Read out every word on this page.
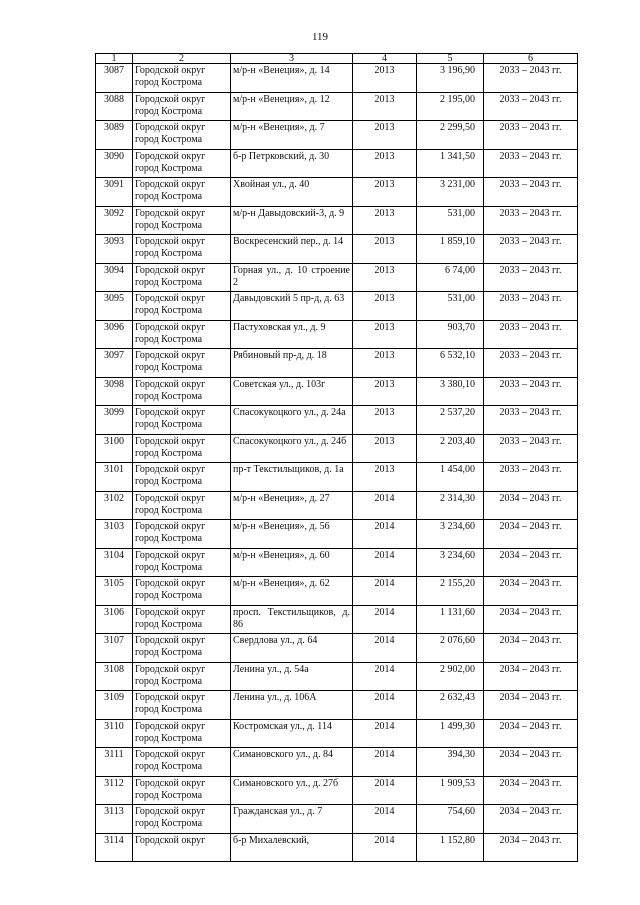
119
1	2	3	4	5	6
3087	Городской округ город Кострома	м/р-н «Венеция», д. 14	2013	3 196,90	2033 – 2043 гг.
3088	Городской округ город Кострома	м/р-н «Венеция», д. 12	2013	2 195,00	2033 – 2043 гг.
3089	Городской округ город Кострома	м/р-н «Венеция», д. 7	2013	2 299,50	2033 – 2043 гг.
3090	Городской округ город Кострома	б-р Петрковский, д. 30	2013	1 341,50	2033 – 2043 гг.
3091	Городской округ город Кострома	Хвойная ул., д. 40	2013	3 231,00	2033 – 2043 гг.
3092	Городской округ город Кострома	м/р-н Давыдовский-3, д. 9	2013	531,00	2033 – 2043 гг.
3093	Городской округ город Кострома	Воскресенский пер., д. 14	2013	1 859,10	2033 – 2043 гг.
3094	Городской округ город Кострома	Горная ул., д. 10 строение 2	2013	6 74,00	2033 – 2043 гг.
3095	Городской округ город Кострома	Давыдовский 5 пр-д, д. 63	2013	531,00	2033 – 2043 гг.
3096	Городской округ город Кострома	Пастуховская ул., д. 9	2013	903,70	2033 – 2043 гг.
3097	Городской округ город Кострома	Рябиновый пр-д, д. 18	2013	6 532,10	2033 – 2043 гг.
3098	Городской округ город Кострома	Советская ул., д. 103г	2013	3 380,10	2033 – 2043 гг.
3099	Городской округ город Кострома	Спасокукоцкого ул., д. 24а	2013	2 537,20	2033 – 2043 гг.
3100	Городской округ город Кострома	Спасокукоцкого ул., д. 24б	2013	2 203,40	2033 – 2043 гг.
3101	Городской округ город Кострома	пр-т Текстильщиков, д. 1а	2013	1 454,00	2033 – 2043 гг.
3102	Городской округ город Кострома	м/р-н «Венеция», д. 27	2014	2 314,30	2034 – 2043 гг.
3103	Городской округ город Кострома	м/р-н «Венеция», д. 56	2014	3 234,60	2034 – 2043 гг.
3104	Городской округ город Кострома	м/р-н «Венеция», д. 60	2014	3 234,60	2034 – 2043 гг.
3105	Городской округ город Кострома	м/р-н «Венеция», д. 62	2014	2 155,20	2034 – 2043 гг.
3106	Городской округ город Кострома	просп. Текстильщиков, д. 86	2014	1 131,60	2034 – 2043 гг.
3107	Городской округ город Кострома	Свердлова ул., д. 64	2014	2 076,60	2034 – 2043 гг.
3108	Городской округ город Кострома	Ленина ул., д. 54а	2014	2 902,00	2034 – 2043 гг.
3109	Городской округ город Кострома	Ленина ул., д. 106А	2014	2 632,43	2034 – 2043 гг.
3110	Городской округ город Кострома	Костромская ул., д. 114	2014	1 499,30	2034 – 2043 гг.
3111	Городской округ город Кострома	Симановского ул., д. 84	2014	394,30	2034 – 2043 гг.
3112	Городской округ город Кострома	Симановского ул., д. 27б	2014	1 909,53	2034 – 2043 гг.
3113	Городской округ город Кострома	Гражданская ул., д. 7	2014	754,60	2034 – 2043 гг.
3114	Городской округ	б-р Михалевский,	2014	1 152,80	2034 – 2043 гг.
